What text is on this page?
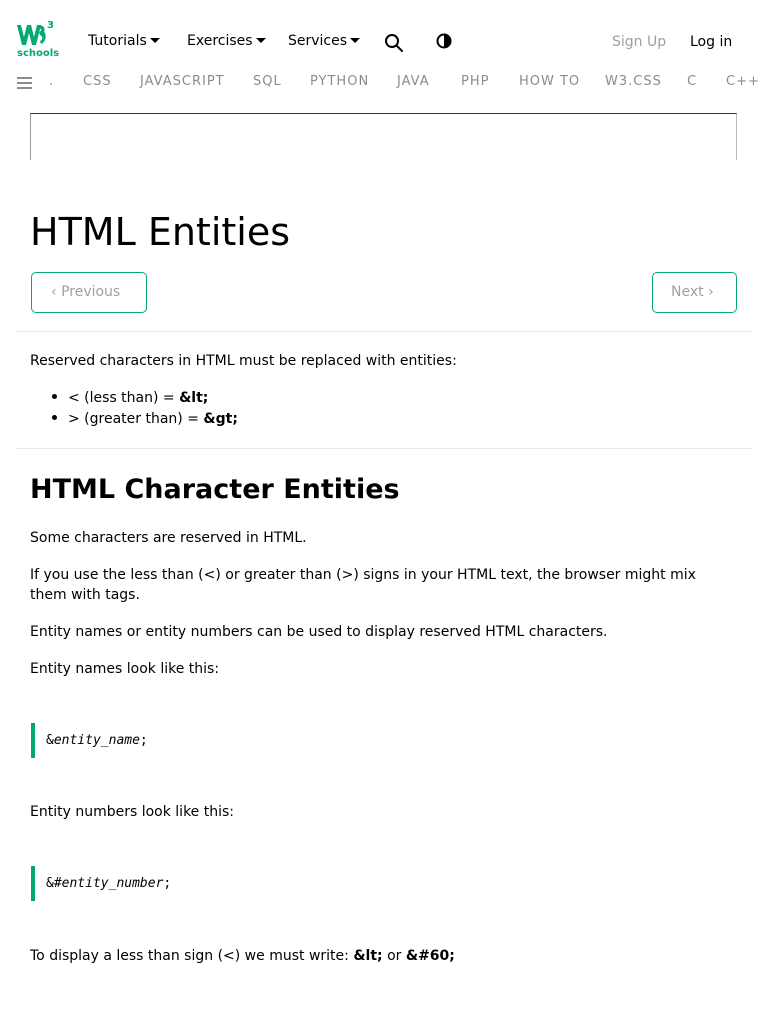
3
schools
Tutorials	Exercises	Services	Sign Up Log in
. CSS JAVASCRIPT SQL PYTHON JAVA PHP HOW TO W3.CSS C C++
HTML Entities
‹ Previous	Next ›

Reserved characters in HTML must be replaced with entities:

< (less than) = &lt;
> (greater than) = &gt;
HTML Character Entities

Some characters are reserved in HTML.

If you use the less than (<) or greater than (>) signs in your HTML text, the browser might mix

them with tags.

Entity names or entity numbers can be used to display reserved HTML characters.

Entity names look like this:

&entity_name;

Entity numbers look like this:

&#entity_number;

To display a less than sign (<) we must write: &lt; or &#60;
